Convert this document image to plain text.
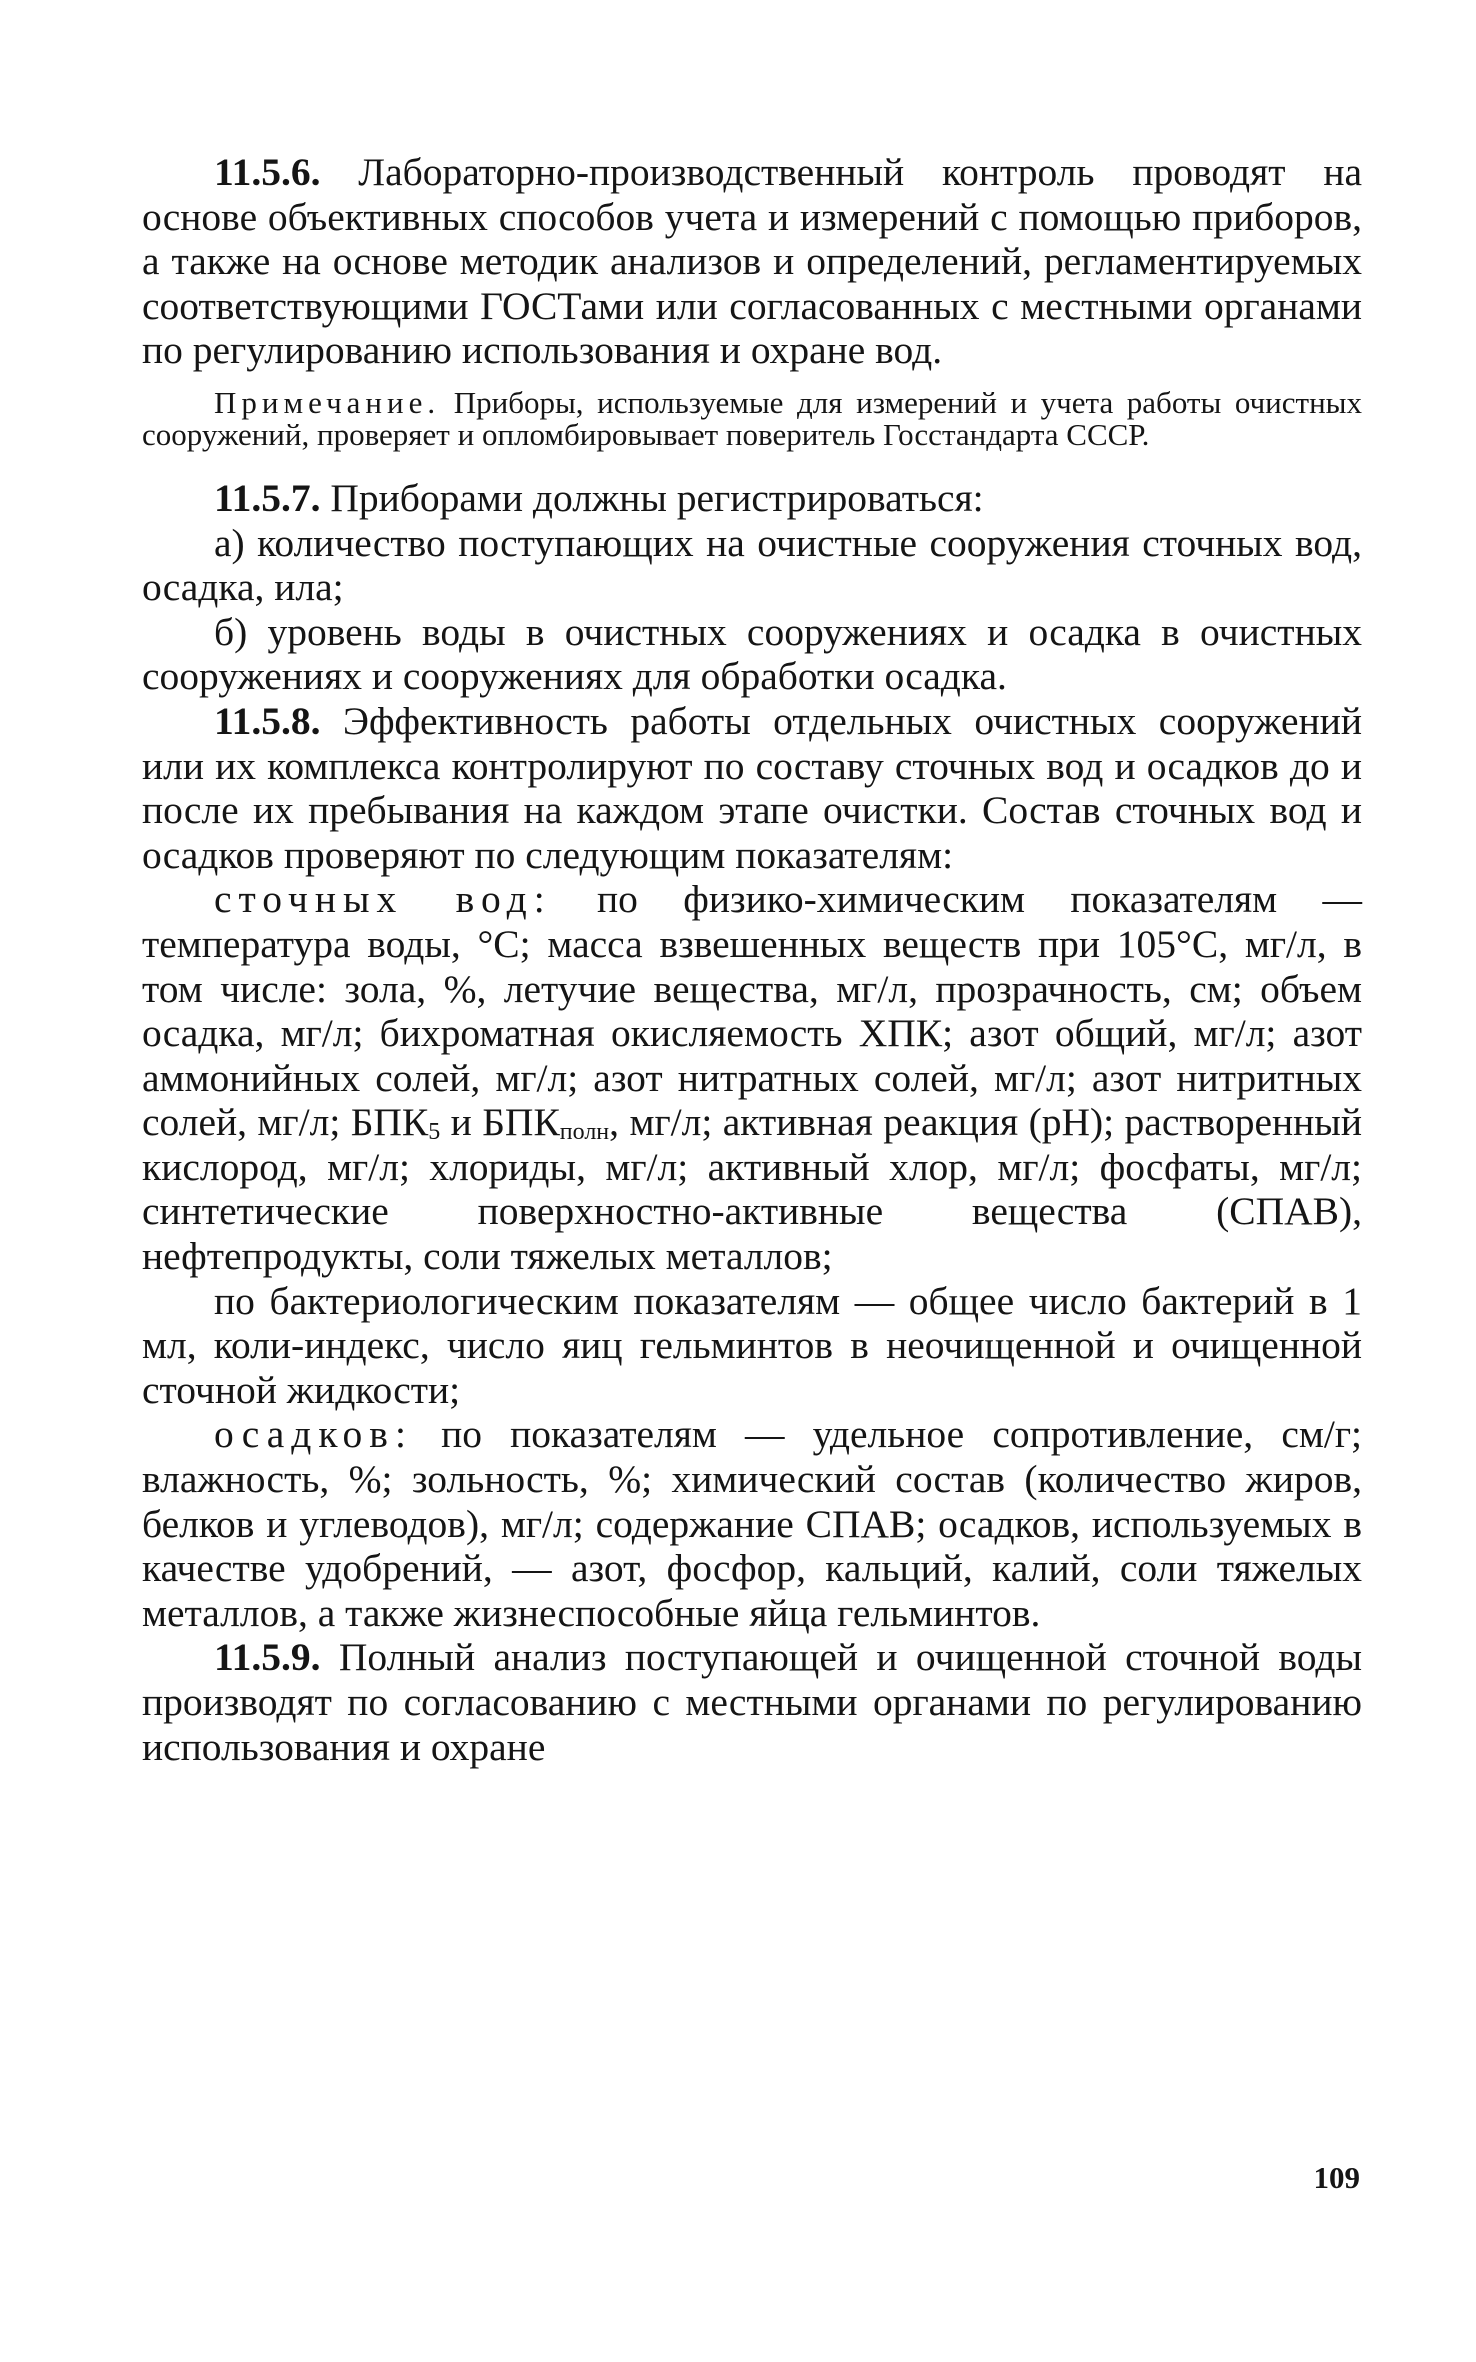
11.5.6. Лабораторно-производственный контроль проводят на основе объективных способов учета и измерений с помощью приборов, а также на основе методик анализов и определений, регламентируемых соответствующими ГОСТами или согласованных с местными органами по регулированию использования и охране вод.

Примечание. Приборы, используемые для измерений и учета работы очистных сооружений, проверяет и опломбировывает поверитель Госстандарта СССР.

11.5.7. Приборами должны регистрироваться:

а) количество поступающих на очистные сооружения сточных вод, осадка, ила;

б) уровень воды в очистных сооружениях и осадка в очистных сооружениях и сооружениях для обработки осадка.

11.5.8. Эффективность работы отдельных очистных сооружений или их комплекса контролируют по составу сточных вод и осадков до и после их пребывания на каждом этапе очистки. Состав сточных вод и осадков проверяют по следующим показателям:

сточных вод: по физико-химическим показателям — температура воды, °С; масса взвешенных веществ при 105°С, мг/л, в том числе: зола, %, летучие вещества, мг/л, прозрачность, см; объем осадка, мг/л; бихроматная окисляемость ХПК; азот общий, мг/л; азот аммонийных солей, мг/л; азот нитратных солей, мг/л; азот нитритных солей, мг/л; $БПК_5$ и $БПК_{полн}$, мг/л; активная реакция (рН); растворенный кислород, мг/л; хлориды, мг/л; активный хлор, мг/л; фосфаты, мг/л; синтетические поверхностно-активные вещества (СПАВ), нефтепродукты, соли тяжелых металлов;

по бактериологическим показателям — общее число бактерий в 1 мл, коли-индекс, число яиц гельминтов в неочищенной и очищенной сточной жидкости;

осадков: по показателям — удельное сопротивление, см/г; влажность, %; зольность, %; химический состав (количество жиров, белков и углеводов), мг/л; содержание СПАВ; осадков, используемых в качестве удобрений, — азот, фосфор, кальций, калий, соли тяжелых металлов, а также жизнеспособные яйца гельминтов.

11.5.9. Полный анализ поступающей и очищенной сточной воды производят по согласованию с местными органами по регулированию использования и охране

109
